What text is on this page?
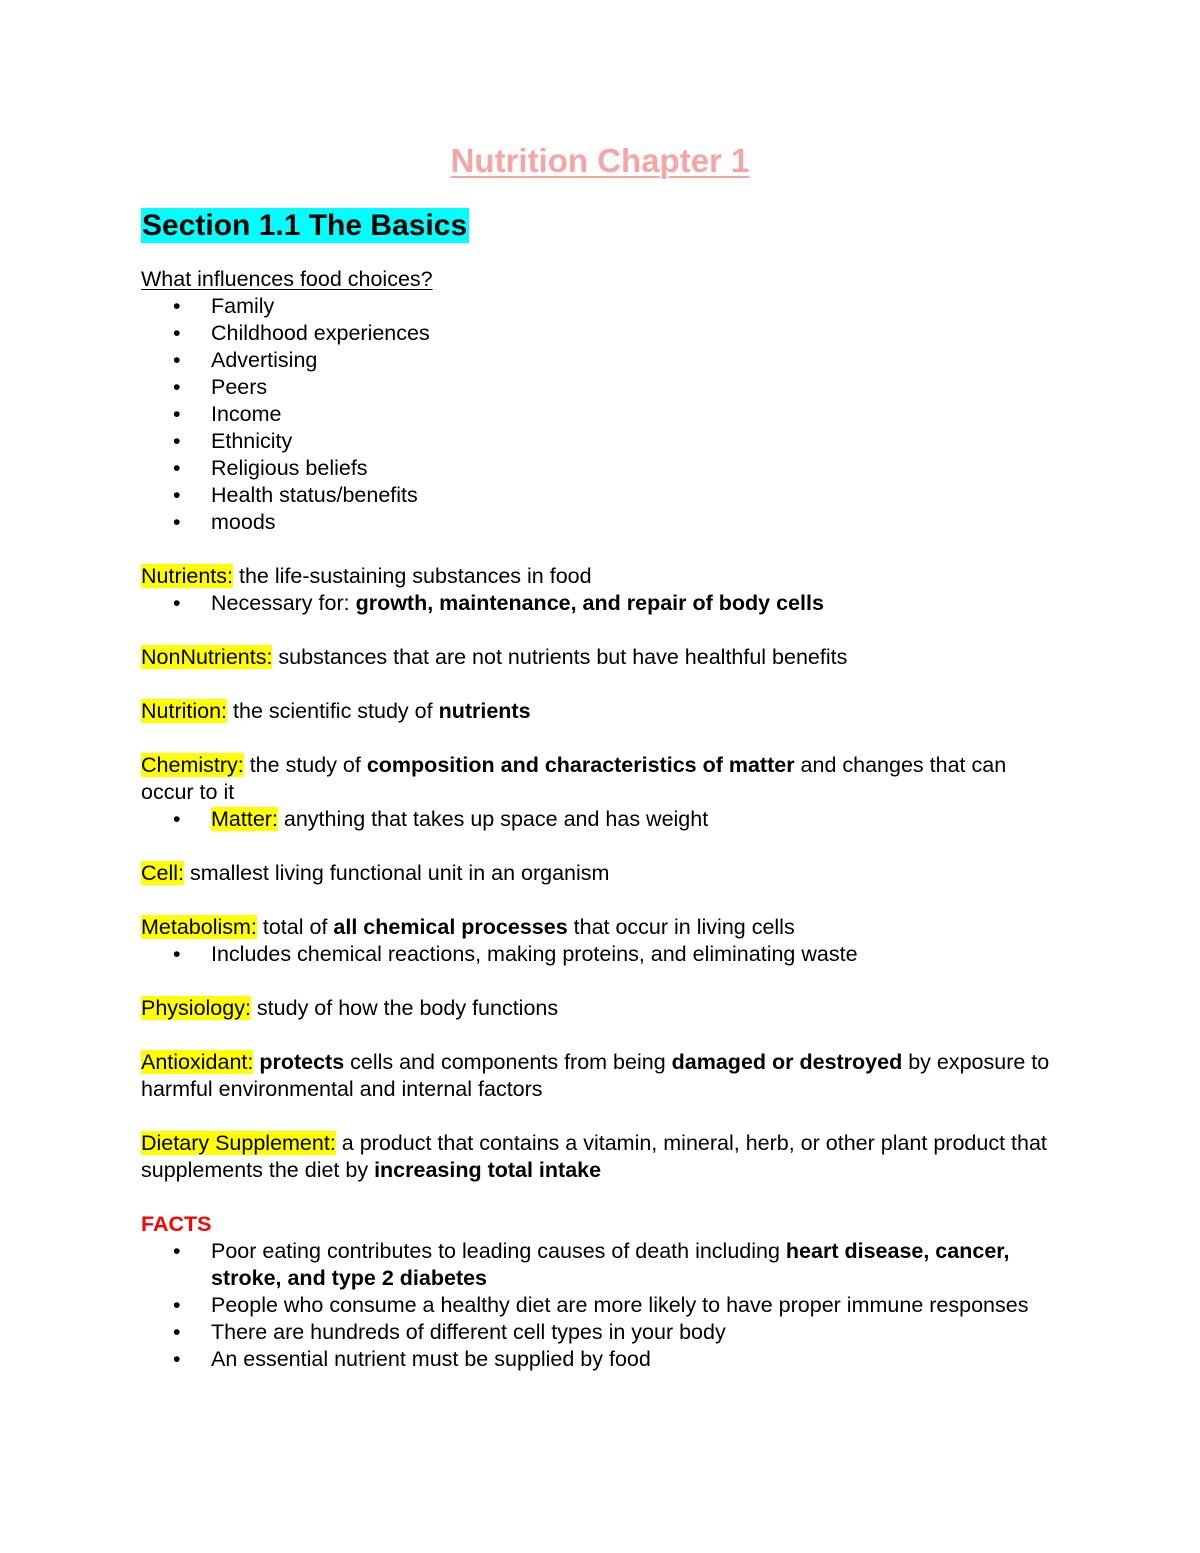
Nutrition Chapter 1
Section 1.1 The Basics
What influences food choices?
• Family
• Childhood experiences
• Advertising
• Peers
• Income
• Ethnicity
• Religious beliefs
• Health status/benefits
• moods
Nutrients: the life-sustaining substances in food
• Necessary for: growth, maintenance, and repair of body cells
NonNutrients: substances that are not nutrients but have healthful benefits
Nutrition: the scientific study of nutrients
Chemistry: the study of composition and characteristics of matter and changes that can occur to it
• Matter: anything that takes up space and has weight
Cell: smallest living functional unit in an organism
Metabolism: total of all chemical processes that occur in living cells
• Includes chemical reactions, making proteins, and eliminating waste
Physiology: study of how the body functions
Antioxidant: protects cells and components from being damaged or destroyed by exposure to harmful environmental and internal factors
Dietary Supplement: a product that contains a vitamin, mineral, herb, or other plant product that supplements the diet by increasing total intake
FACTS
• Poor eating contributes to leading causes of death including heart disease, cancer, stroke, and type 2 diabetes
• People who consume a healthy diet are more likely to have proper immune responses
• There are hundreds of different cell types in your body
• An essential nutrient must be supplied by food
